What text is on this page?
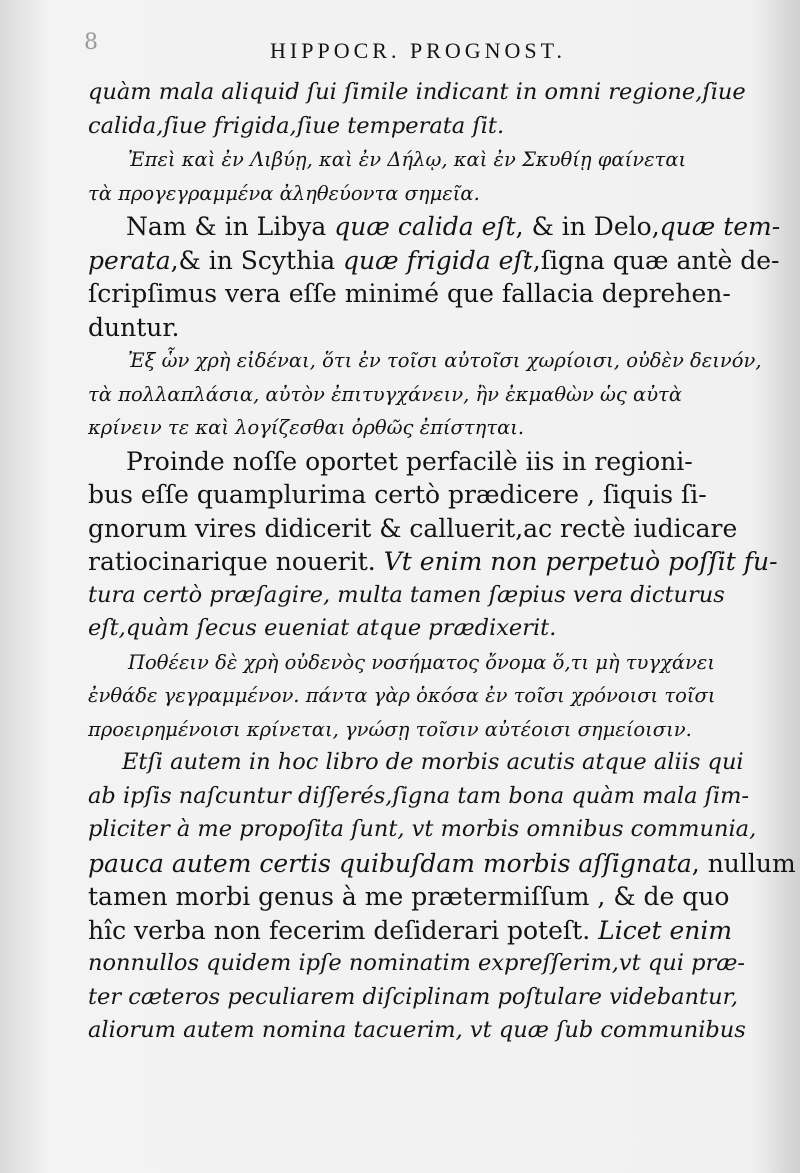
8	HIPPOCR. PROGNOST.
quàm mala aliquid ſui ſimile indicant in omni regione,ſiue
calida,ſiue frigida,ſiue temperata ſit.
Ἐπεὶ καὶ ἐν Λιβύῃ, καὶ ἐν Δήλῳ, καὶ ἐν Σκυθίῃ φαίνεται
τὰ προγεγραμμένα ἀληθεύοντα σημεῖα.
Nam & in Libya quæ calida eſt, & in Delo,quæ tem-
perata,& in Scythia quæ frigida eſt,ſigna quæ antè de-
ſcripſimus vera eſſe minimé que fallacia deprehen-
duntur.
Ἐξ ὧν χρὴ εἰδέναι, ὅτι ἐν τοῖσι αὐτοῖσι χωρίοισι, οὐδὲν δεινόν,
τὰ πολλαπλάσια, αὐτὸν ἐπιτυγχάνειν, ἢν ἐκμαθὼν ὡς αὐτὰ
κρίνειν τε καὶ λογίζεσθαι ὀρθῶς ἐπίστηται.
Proinde noſſe oportet perfacilè iis in regioni-
bus eſſe quamplurima certò prædicere , ſiquis ſi-
gnorum vires didicerit & calluerit,ac rectè iudicare
ratiocinarique nouerit. Vt enim non perpetuò poſſit fu-
tura certò præſagire, multa tamen ſæpius vera dicturus
eſt,quàm ſecus eueniat atque prædixerit.
Ποθέειν δὲ χρὴ οὐδενὸς νοσήματος ὄνομα ὅ,τι μὴ τυγχάνει
ἐνθάδε γεγραμμένον. πάντα γὰρ ὁκόσα ἐν τοῖσι χρόνοισι τοῖσι
προειρημένοισι κρίνεται, γνώσῃ τοῖσιν αὐτέοισι σημείοισιν.
Etſi autem in hoc libro de morbis acutis atque aliis qui
ab ipſis naſcuntur diſſerés,ſigna tam bona quàm mala ſim-
pliciter à me propoſita ſunt, vt morbis omnibus communia,
pauca autem certis quibuſdam morbis aſſignata, nullum
tamen morbi genus à me prætermiſſum , & de quo
hîc verba non fecerim deſiderari poteſt. Licet enim
nonnullos quidem ipſe nominatim expreſſerim,vt qui præ-
ter cæteros peculiarem diſciplinam poſtulare videbantur,
aliorum autem nomina tacuerim, vt quæ ſub communibus
